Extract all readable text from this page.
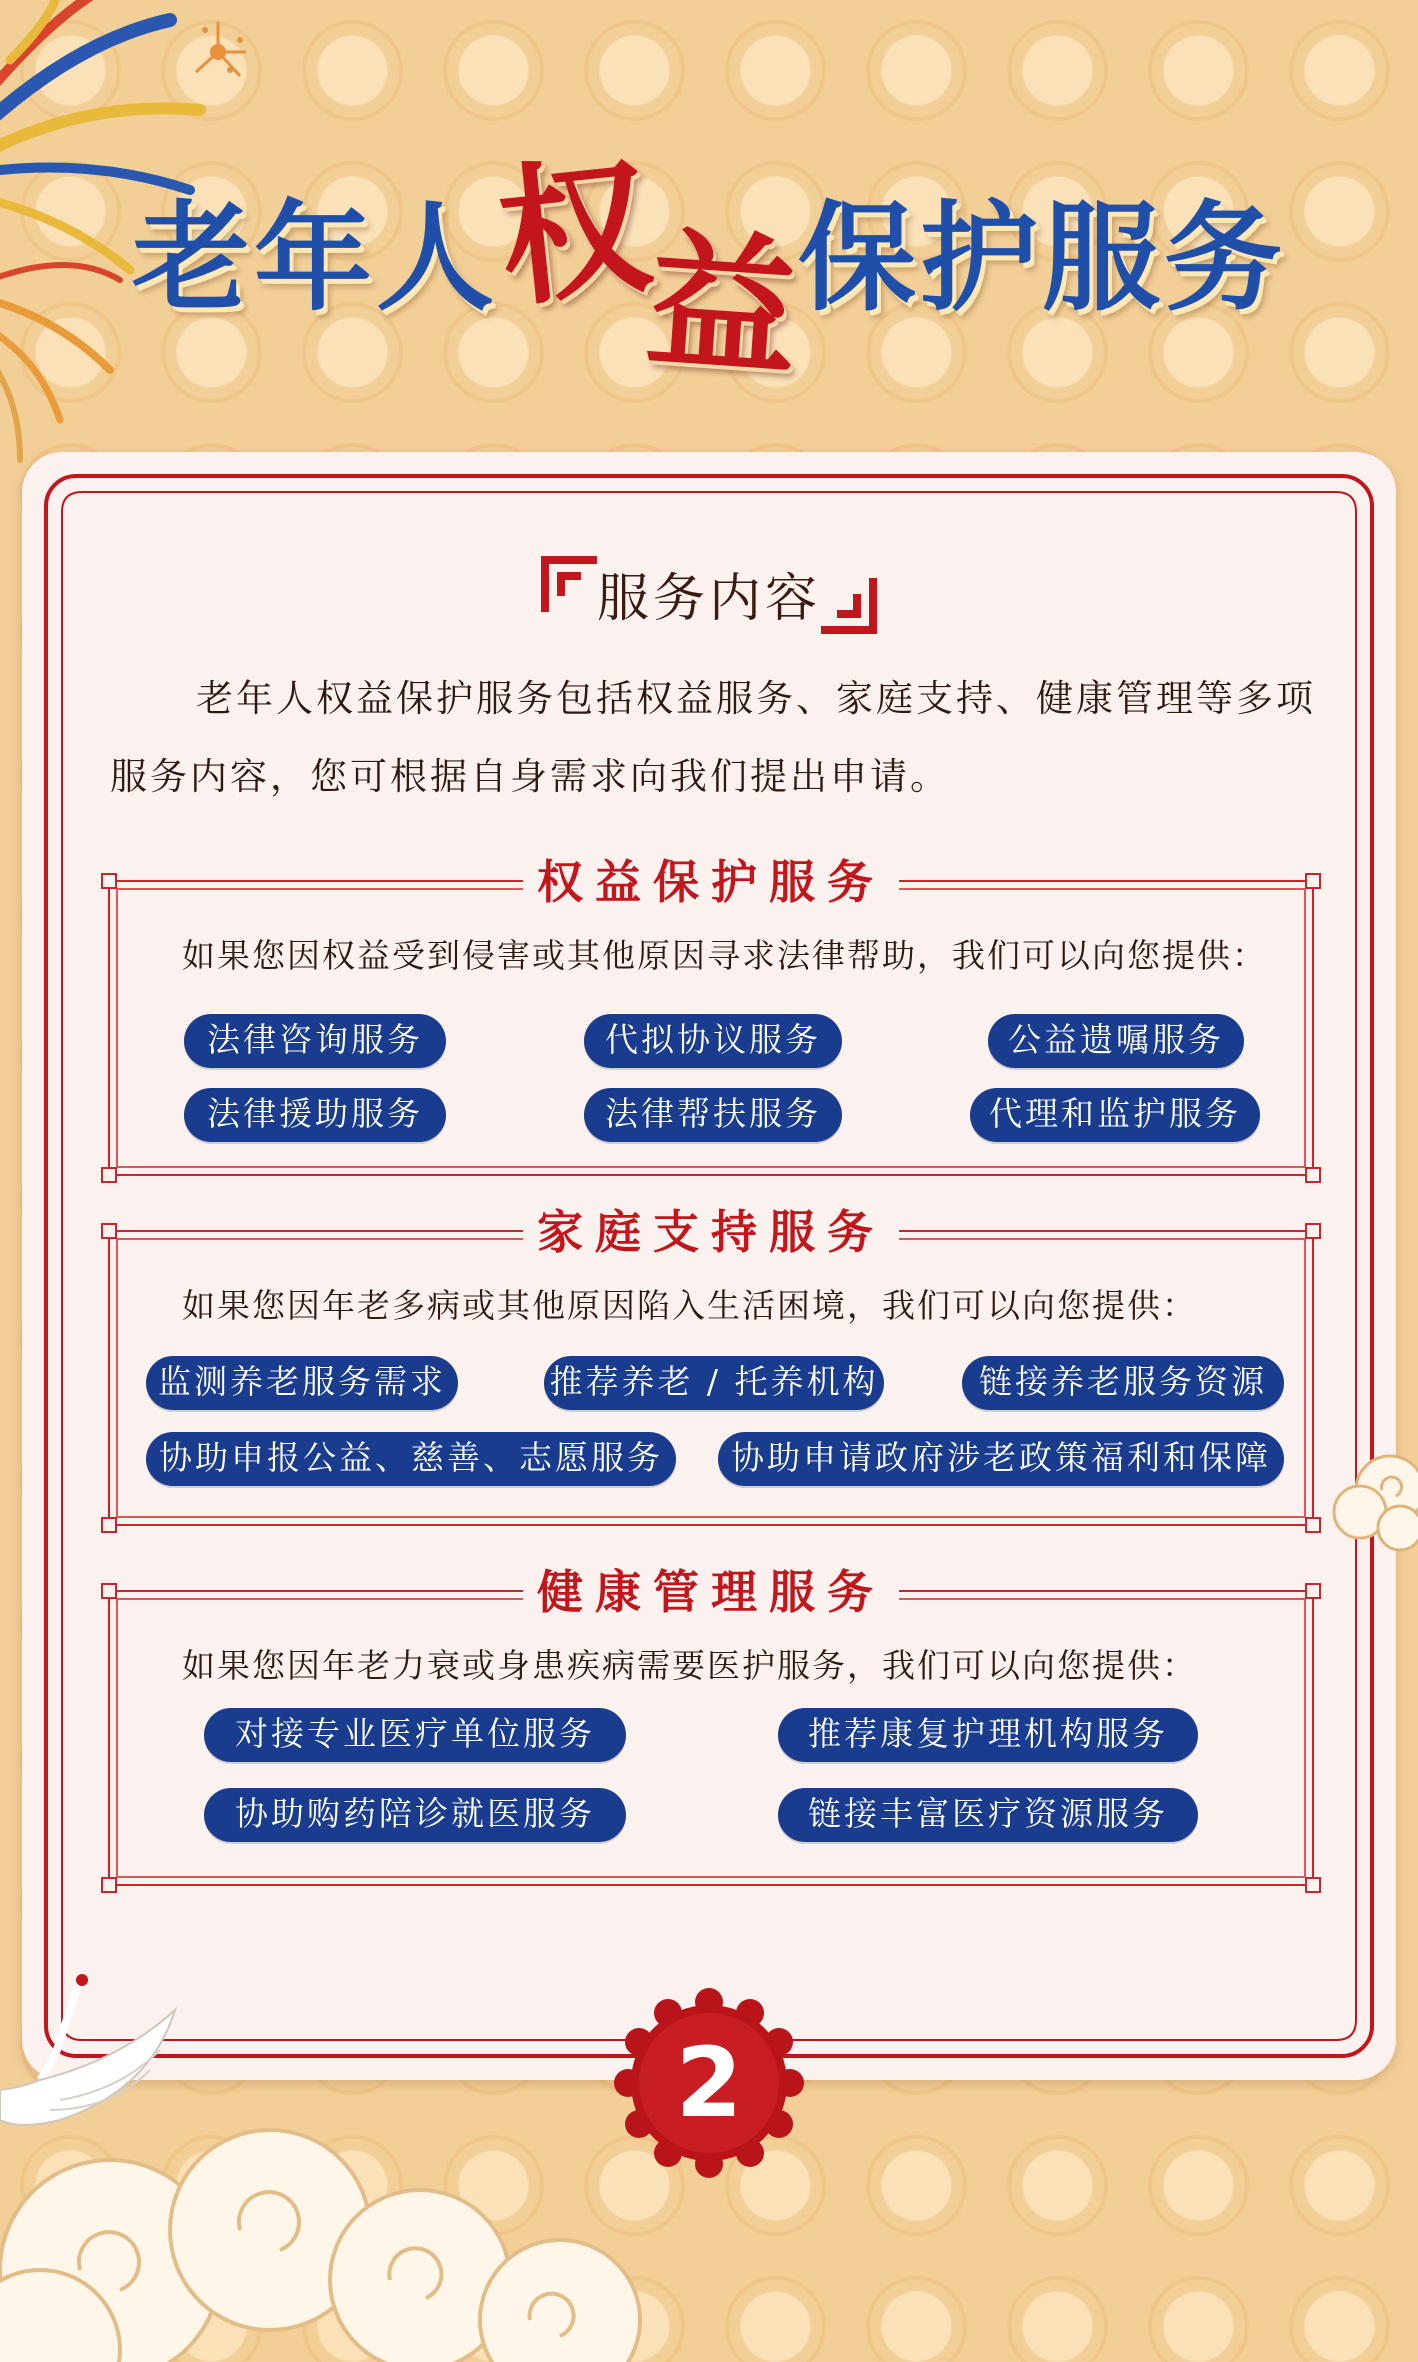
老年人权益保护服务
服务内容

老年人权益保护服务包括权益服务、家庭支持、健康管理等多项服务内容，您可根据自身需求向我们提出申请。

权益保护服务
如果您因权益受到侵害或其他原因寻求法律帮助，我们可以向您提供：
法律咨询服务	代拟协议服务	公益遗嘱服务
法律援助服务	法律帮扶服务	代理和监护服务
家庭支持服务
如果您因年老多病或其他原因陷入生活困境，我们可以向您提供：
监测养老服务需求	推荐养老 / 托养机构	链接养老服务资源
协助申报公益、慈善、志愿服务	协助申请政府涉老政策福利和保障
健康管理服务
如果您因年老力衰或身患疾病需要医护服务，我们可以向您提供：
对接专业医疗单位服务	推荐康复护理机构服务
协助购药陪诊就医服务	链接丰富医疗资源服务
2
